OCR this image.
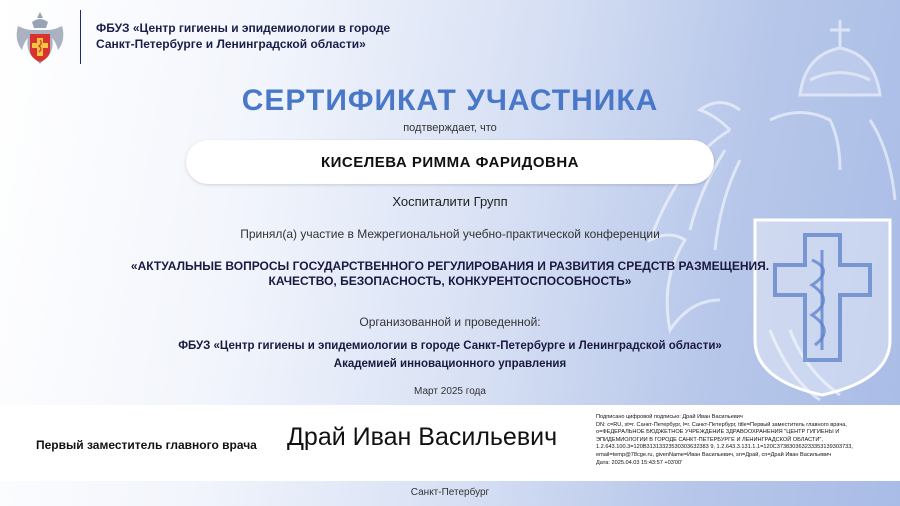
ФБУЗ «Центр гигиены и эпидемиологии в городе
Санкт-Петербурге и Ленинградской области»
СЕРТИФИКАТ УЧАСТНИКА
подтверждает, что
КИСЕЛЕВА РИММА ФАРИДОВНА
Хоспиталити Групп
Принял(а) участие в Межрегиональной учебно-практической конференции
«АКТУАЛЬНЫЕ ВОПРОСЫ ГОСУДАРСТВЕННОГО РЕГУЛИРОВАНИЯ И РАЗВИТИЯ СРЕДСТВ РАЗМЕЩЕНИЯ.
КАЧЕСТВО, БЕЗОПАСНОСТЬ, КОНКУРЕНТОСПОСОБНОСТЬ»
Организованной и проведенной:
ФБУЗ «Центр гигиены и эпидемиологии в городе Санкт-Петербурге и Ленинградской области»
Академией инновационного управления
Март 2025 года
Первый заместитель главного врача Драй Иван Васильевич
Подписано цифровой подписью: Драй Иван Васильевич
DN: c=RU, st=г. Санкт-Петербург, l=г. Санкт-Петербург, title=Первый заместитель главного врача,
o=ФЕДЕРАЛЬНОЕ БЮДЖЕТНОЕ УЧРЕЖДЕНИЕ ЗДРАВООХРАНЕНИЯ "ЦЕНТР ГИГИЕНЫ И
ЭПИДЕМИОЛОГИИ В ГОРОДЕ САНКТ-ПЕТЕРБУРГЕ И ЛЕНИНГРАДСКОЙ ОБЛАСТИ",
1.2.643.100.3=120В31313323530303632383 9, 1.2.643.3.131.1.1=120C373830363233353139303733,
email=temp@78cge.ru, givenName=Иван Васильевич, sn=Драй, cn=Драй Иван Васильевич
Дата: 2025.04.03 15:43:57 +03'00'
Санкт-Петербург
